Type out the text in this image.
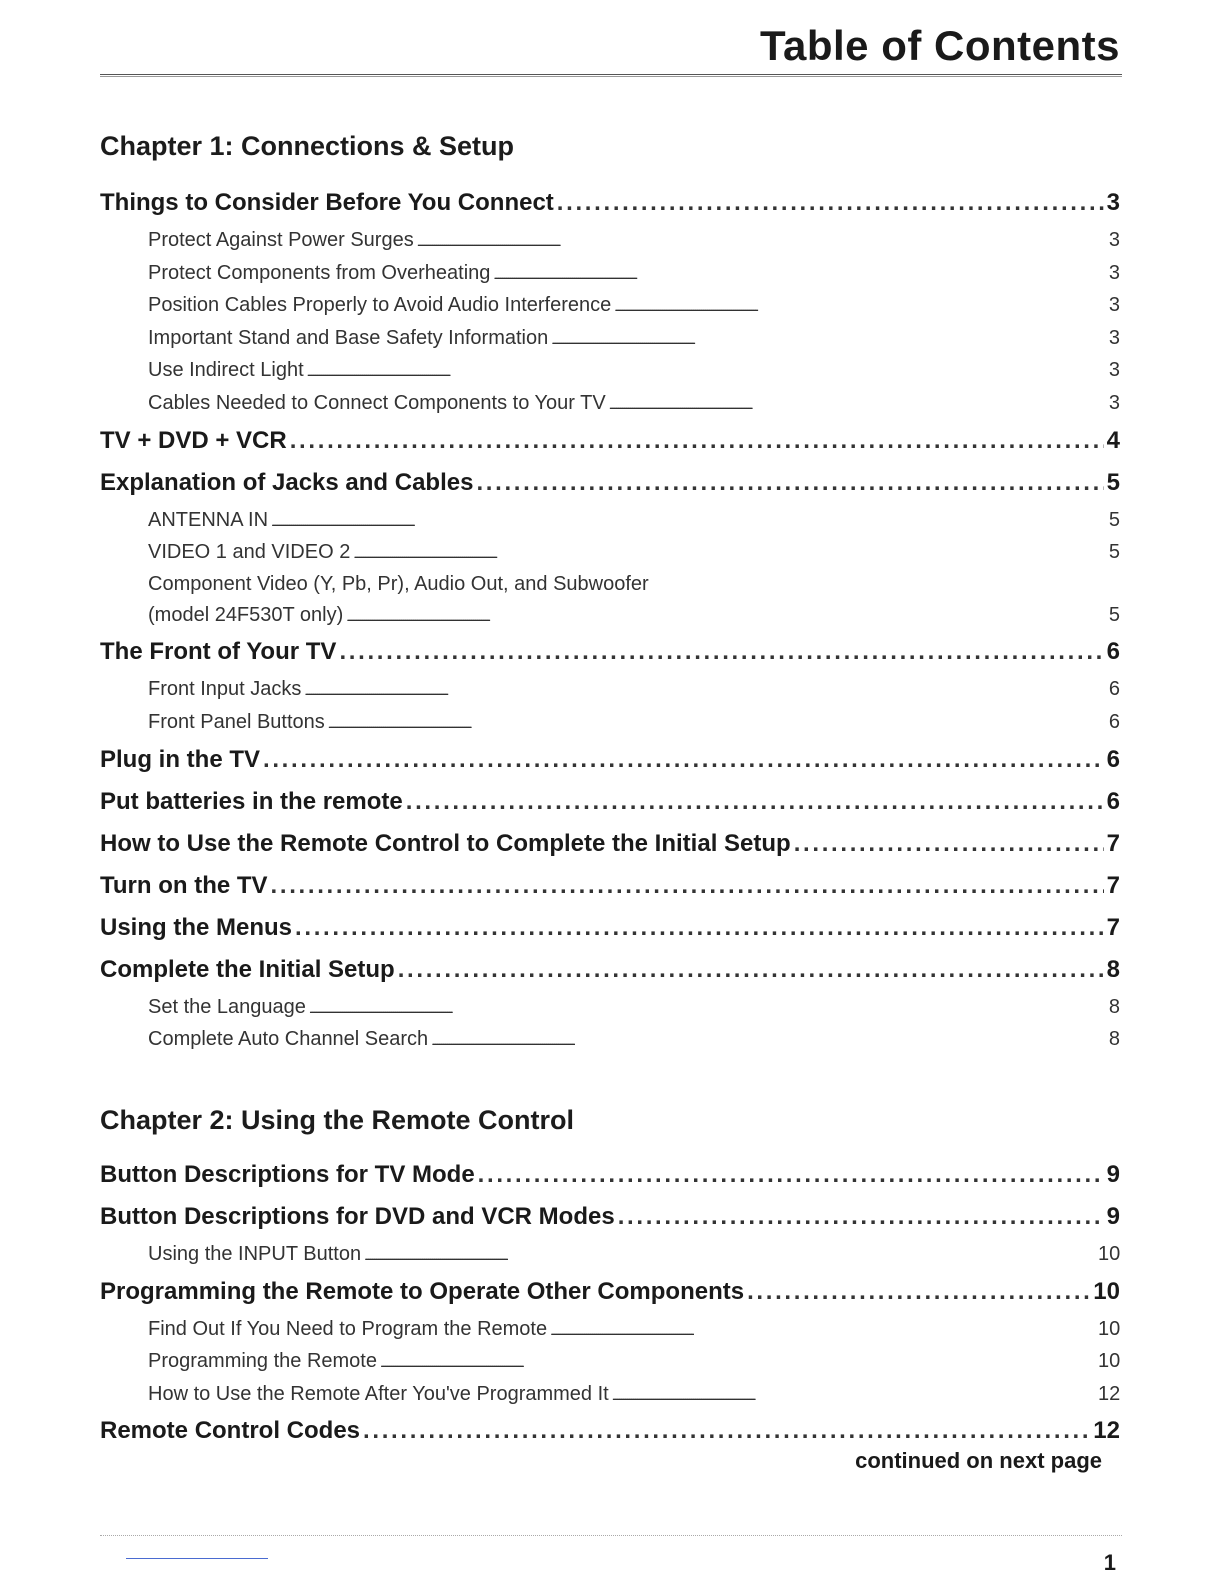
Table of Contents
Chapter 1: Connections & Setup
Things to Consider Before You Connect . . .	3
Protect Against Power Surges . . .	3
Protect Components from Overheating . . .	3
Position Cables Properly to Avoid Audio Interference . . .	3
Important Stand and Base Safety Information . . .	3
Use Indirect Light . . .	3
Cables Needed to Connect Components to Your TV . . .	3
TV + DVD + VCR . . .	4
Explanation of Jacks and Cables . . .	5
ANTENNA IN . . .	5
VIDEO 1 and VIDEO 2 . . .	5
Component Video (Y, Pb, Pr), Audio Out, and Subwoofer
(model 24F530T only) . . .	5
The Front of Your TV . . .	6
Front Input Jacks . . .	6
Front Panel Buttons . . .	6
Plug in the TV . . .	6
Put batteries in the remote . . .	6
How to Use the Remote Control to Complete the Initial Setup . . .	7
Turn on the TV . . .	7
Using the Menus . . .	7
Complete the Initial Setup . . .	8
Set the Language . . .	8
Complete Auto Channel Search . . .	8
Chapter 2: Using the Remote Control
Button Descriptions for TV Mode . . .	9
Button Descriptions for DVD and VCR Modes . . .	9
Using the INPUT Button . . .	10
Programming the Remote to Operate Other Components . . .	10
Find Out If You Need to Program the Remote . . .	10
Programming the Remote . . .	10
How to Use the Remote After You've Programmed It . . .	12
Remote Control Codes . . .	12
continued on next page
1
